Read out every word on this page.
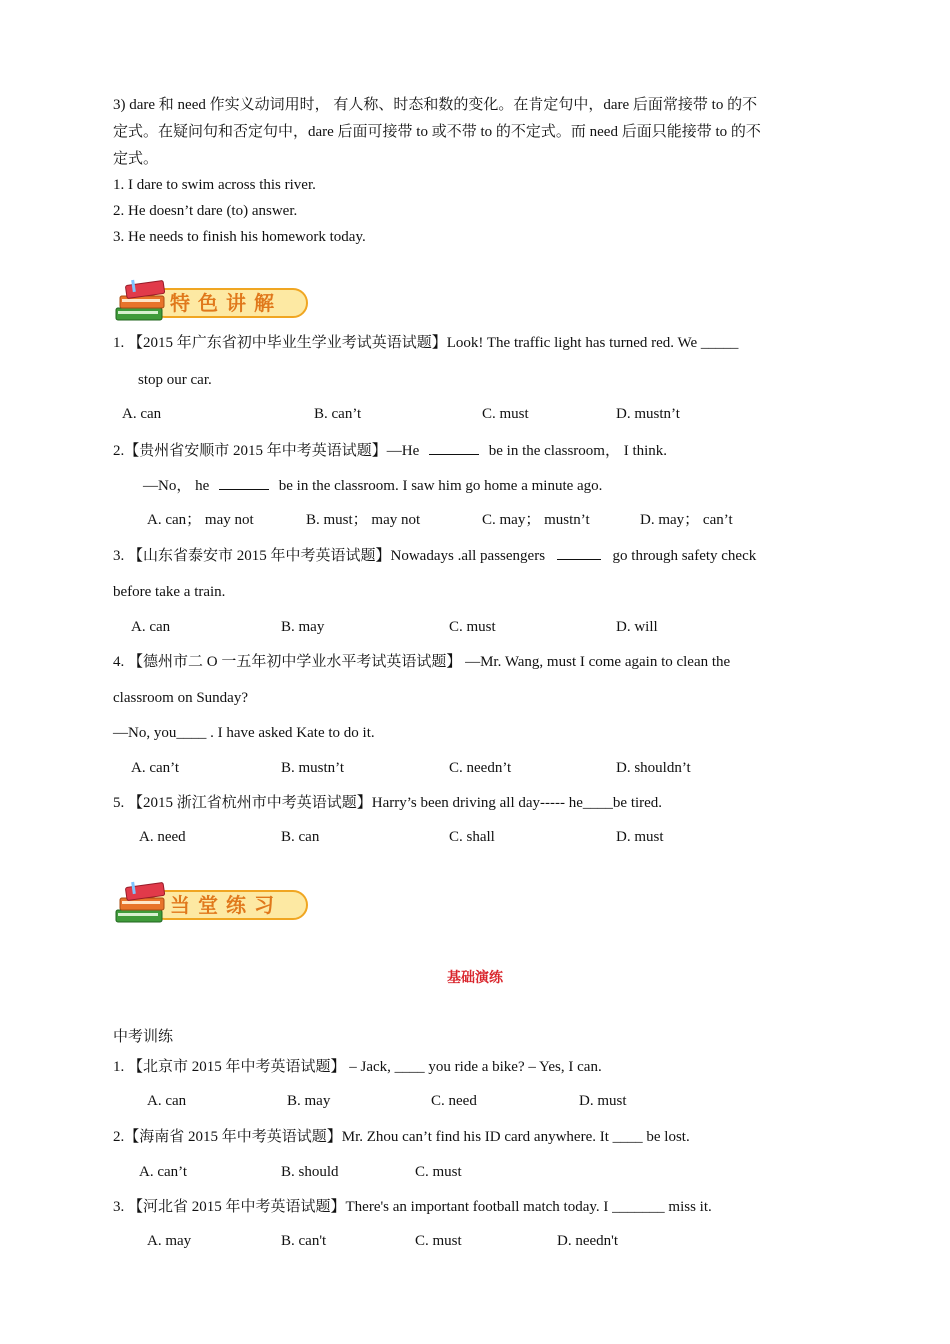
3) dare 和 need 作实义动词用时， 有人称、时态和数的变化。在肯定句中，dare 后面常接带 to 的不
定式。在疑问句和否定句中，dare 后面可接带 to 或不带 to 的不定式。而 need 后面只能接带 to 的不
定式。
1. I dare to swim across this river.
2. He doesn’t dare (to) answer.
3. He needs to finish his homework today.
特色讲解
1. 【2015 年广东省初中毕业生学业考试英语试题】Look! The traffic light has turned red. We _____
stop our car.
A. can	B. can’t	C. must	D. mustn’t
2.【贵州省安顺市 2015 年中考英语试题】—He	be in the classroom， I think.
—No， he	be in the classroom. I saw him go home a minute ago.
A. can； may not	B. must； may not	C. may； mustn’t	D. may； can’t
3. 【山东省泰安市 2015 年中考英语试题】Nowadays .all passengers	go through safety check
before take a train.
A. can	B. may	C. must	D. will
4. 【德州市二 O 一五年初中学业水平考试英语试题】 —Mr. Wang, must I come again to clean the
classroom on Sunday?
—No, you____ . I have asked Kate to do it.
A. can’t	B. mustn’t	C. needn’t	D. shouldn’t
5. 【2015 浙江省杭州市中考英语试题】Harry’s been driving all day----- he____be tired.
A. need	B. can	C. shall	D. must
当堂练习
基础演练
中考训练
1. 【北京市 2015 年中考英语试题】 – Jack, ____ you ride a bike? – Yes, I can.
A. can	B. may	C. need	D. must
2.【海南省 2015 年中考英语试题】Mr. Zhou can’t find his ID card anywhere. It ____ be lost.
A. can’t	B. should	C. must
3. 【河北省 2015 年中考英语试题】There's an important football match today. I _______ miss it.
A. may	B. can't	C. must	D. needn't
